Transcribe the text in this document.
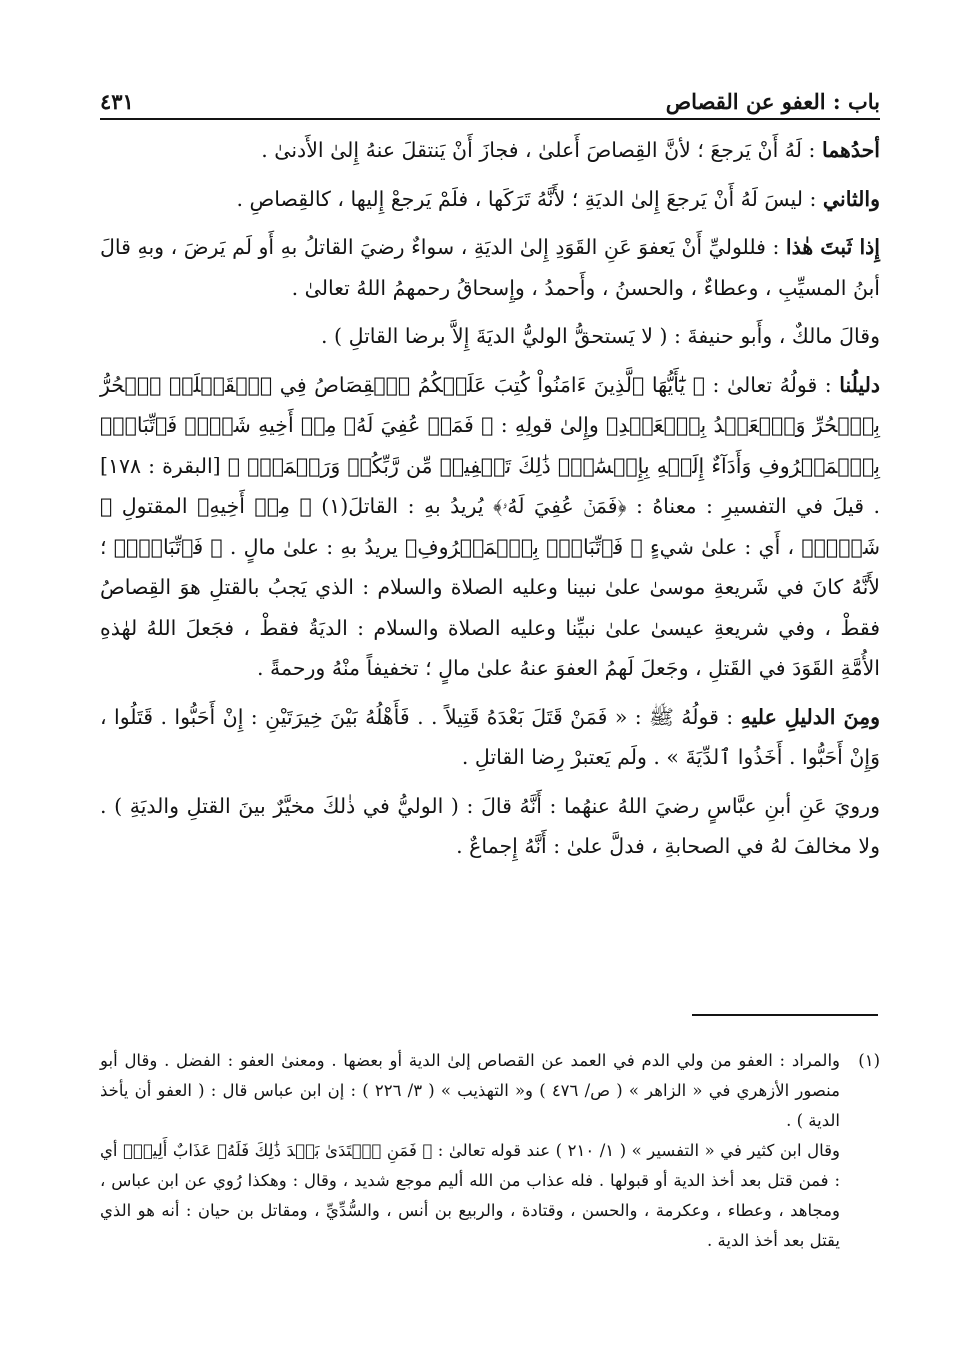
باب : العفو عن القصاص
٤٣١

أحدُهما : لَهُ أَنْ يَرجعَ ؛ لأنَّ القِصاصَ أَعلىٰ ، فجازَ أَنْ يَنتقلَ عنهُ إِلىٰ الأَدنىٰ .

والثاني : ليسَ لَهُ أَنْ يَرجعَ إِلىٰ الديَةِ ؛ لأَنَّهُ تَرَكَها ، فلَمْ يَرجعْ إِليها ، كالقِصاصِ .

إِذا ثَبتَ هٰذا : فللوليِّ أَنْ يَعفوَ عَنِ القَوَدِ إِلىٰ الديَةِ ، سواءٌ رضيَ القاتلُ بهِ أَو لَم يَرضَ ، وبهِ قالَ أبنُ المسيِّبِ ، وعطاءٌ ، والحسنُ ، وأَحمدُ ، وإِسحاقُ رحمهمُ اللهُ تعالىٰ .

وقالَ مالكٌ ، وأَبو حنيفةَ : ( لا يَستحقُّ الوليُّ الديَةَ إِلاَّ برضا القاتلِ ) .

دليلُنا : قولُهُ تعالىٰ : ﴿ يَٰٓأَيُّهَا ٱلَّذِينَ ءَامَنُواْ كُتِبَ عَلَيۡكُمُ ٱلۡقِصَاصُ فِي ٱلۡقَتۡلَىۖ ٱلۡحُرُّ بِٱلۡحُرِّ وَٱلۡعَبۡدُ بِٱلۡعَبۡدِ﴾ وإِلىٰ قولِهِ : ﴿ فَمَنۡ عُفِيَ لَهُۥ مِنۡ أَخِيهِ شَيۡءٞ فَٱتِّبَاعُۢ بِٱلۡمَعۡرُوفِ وَأَدَآءٌ إِلَيۡهِ بِإِحۡسَٰنٖۗ ذَٰلِكَ تَخۡفِيفٞ مِّن رَّبِّكُمۡ وَرَحۡمَةٞۗ ﴾ [البقرة : ١٧٨] . قيلَ في التفسيرِ : معناهُ : ﴿فَمَنۡ عُفِيَ لَهُۥ﴾ يُريدُ بهِ : القاتلَ(١) ﴿ مِنۡ أَخِيهِ﴾ المقتولِ ﴿ شَيۡءٞ﴾ ، أَي : علىٰ شيءٍ ﴿ فَٱتِّبَاعُۢ بِٱلۡمَعۡرُوفِ﴾ يريدُ بهِ : علىٰ مالٍ . ﴿ فَٱتِّبَاعُۢ﴾ ؛ لأَنَّهُ كانَ في شَريعةِ موسىٰ علىٰ نبينا وعليه الصلاة والسلام : الذي يَجبُ بالقتلِ هوَ القِصاصُ فقطْ ، وفي شريعةِ عيسىٰ علىٰ نبيِّنا وعليه الصلاة والسلام : الديَةُ فقطْ ، فجَعلَ اللهُ لهٰذهِ الأُمَّةِ القَوَدَ في القَتلِ ، وجَعلَ لَهمُ العفوَ عنهُ علىٰ مالٍ ؛ تخفيفاً منْهُ ورحمةً .

ومِنَ الدليلِ عليهِ : قولُهُ ﷺ : « فَمَنْ قَتَلَ بَعْدَهُ قَتِيلاً . . فَأَهْلُهُ بَيْنَ خِيرَتَيْنِ : إِنْ أَحَبُّوا . قَتَلُوا ، وَإِنْ أَحَبُّوا . أَخَذُوا ٱلدِّيَةَ » . ولَم يَعتبرْ رِضا القاتلِ .

ورويَ عَنِ أبنِ عبَّاسٍ رضيَ اللهُ عنهُما : أَنَّهُ قالَ : ( الوليُّ في ذٰلكَ مخيَّرٌ بينَ القتلِ والديَةِ ) . ولا مخالفَ لهُ في الصحابةِ ، فدلَّ علىٰ : أَنَّهُ إِجماعٌ .

(١)

والمراد : العفو من ولي الدم في العمد عن القصاص إلىٰ الدية أو بعضها . ومعنىٰ العفو : الفضل . وقال أبو منصور الأزهري في « الزاهر » ( ص/ ٤٧٦ ) و« التهذيب » ( ٣/ ٢٢٦ ) : إن ابن عباس قال : ( العفو أن يأخذ الدية ) .

وقال ابن كثير في « التفسير » ( ١/ ٢١٠ ) عند قوله تعالىٰ : ﴿ فَمَنِ ٱعۡتَدَىٰ بَعۡدَ ذَٰلِكَ فَلَهُۥ عَذَابٌ أَلِيمٞ﴾ أي : فمن قتل بعد أخذ الدية أو قبولها . فله عذاب من الله أليم موجع شديد ، وقال : وهكذا رُوي عن ابن عباس ، ومجاهد ، وعطاء ، وعكرمة ، والحسن ، وقتادة ، والربيع بن أنس ، والسُّدِّيِّ ، ومقاتل بن حيان : أنه هو الذي يقتل بعد أخذ الدية .
